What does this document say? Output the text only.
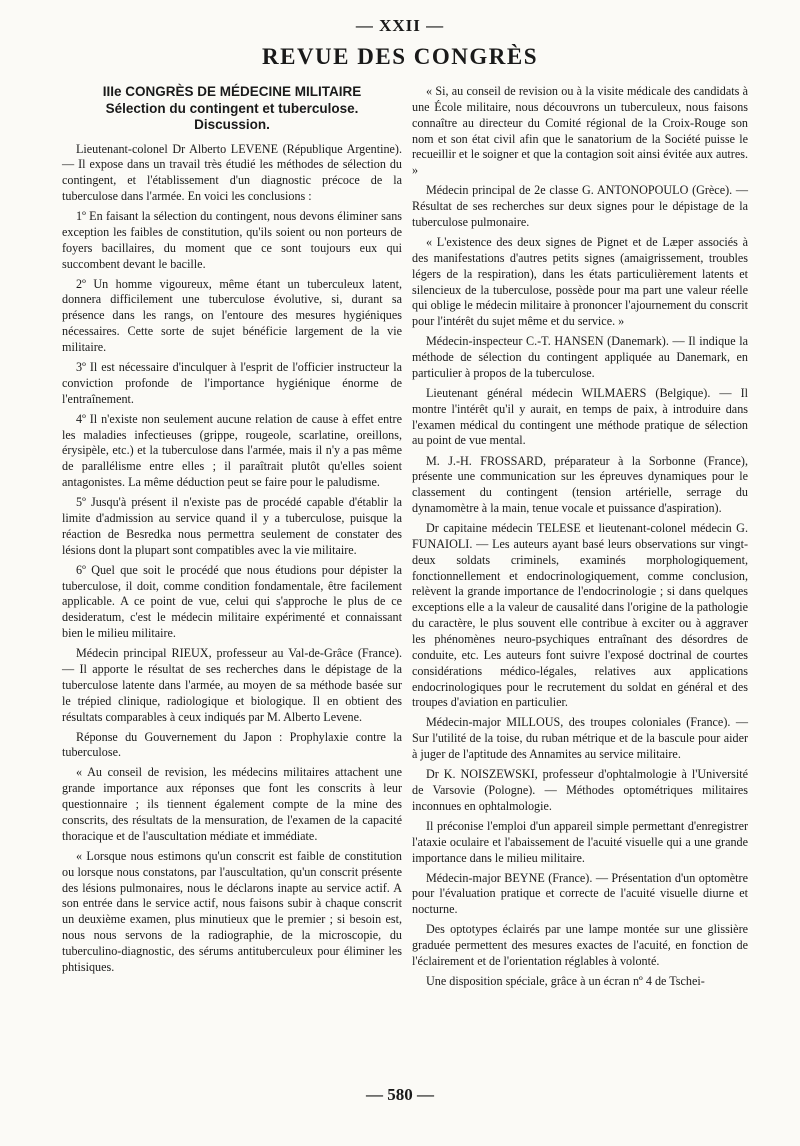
— XXII —
REVUE DES CONGRÈS
IIIe CONGRÈS DE MÉDECINE MILITAIRE
Sélection du contingent et tuberculose.
Discussion.

Lieutenant-colonel Dr Alberto LEVENE (République Argentine). — Il expose dans un travail très étudié les méthodes de sélection du contingent, et l'établissement d'un diagnostic précoce de la tuberculose dans l'armée. En voici les conclusions :

1º En faisant la sélection du contingent, nous devons éliminer sans exception les faibles de constitution, qu'ils soient ou non porteurs de foyers bacillaires, du moment que ce sont toujours eux qui succombent devant le bacille.

2º Un homme vigoureux, même étant un tuberculeux latent, donnera difficilement une tuberculose évolutive, si, durant sa présence dans les rangs, on l'entoure des mesures hygiéniques nécessaires. Cette sorte de sujet bénéficie largement de la vie militaire.

3º Il est nécessaire d'inculquer à l'esprit de l'officier instructeur la conviction profonde de l'importance hygiénique énorme de l'entraînement.

4º Il n'existe non seulement aucune relation de cause à effet entre les maladies infectieuses (grippe, rougeole, scarlatine, oreillons, érysipèle, etc.) et la tuberculose dans l'armée, mais il n'y a pas même de parallélisme entre elles ; il paraîtrait plutôt qu'elles soient antagonistes. La même déduction peut se faire pour le paludisme.

5º Jusqu'à présent il n'existe pas de procédé capable d'établir la limite d'admission au service quand il y a tuberculose, puisque la réaction de Besredka nous permettra seulement de constater des lésions dont la plupart sont compatibles avec la vie militaire.

6º Quel que soit le procédé que nous étudions pour dépister la tuberculose, il doit, comme condition fondamentale, être facilement applicable. A ce point de vue, celui qui s'approche le plus de ce desideratum, c'est le médecin militaire expérimenté et connaissant bien le milieu militaire.

Médecin principal RIEUX, professeur au Val-de-Grâce (France). — Il apporte le résultat de ses recherches dans le dépistage de la tuberculose latente dans l'armée, au moyen de sa méthode basée sur le trépied clinique, radiologique et biologique. Il en obtient des résultats comparables à ceux indiqués par M. Alberto Levene.

Réponse du Gouvernement du Japon : Prophylaxie contre la tuberculose.

« Au conseil de revision, les médecins militaires attachent une grande importance aux réponses que font les conscrits à leur questionnaire ; ils tiennent également compte de la mine des conscrits, des résultats de la mensuration, de l'examen de la capacité thoracique et de l'auscultation médiate et immédiate.

« Lorsque nous estimons qu'un conscrit est faible de constitution ou lorsque nous constatons, par l'auscultation, qu'un conscrit présente des lésions pulmonaires, nous le déclarons inapte au service actif. A son entrée dans le service actif, nous faisons subir à chaque conscrit un deuxième examen, plus minutieux que le premier ; si besoin est, nous nous servons de la radiographie, de la microscopie, du tuberculino-diagnostic, des sérums antituberculeux pour éliminer les phtisiques.

« Si, au conseil de revision ou à la visite médicale des candidats à une École militaire, nous découvrons un tuberculeux, nous faisons connaître au directeur du Comité régional de la Croix-Rouge son nom et son état civil afin que le sanatorium de la Société puisse le recueillir et le soigner et que la contagion soit ainsi évitée aux autres. »

Médecin principal de 2e classe G. ANTONOPOULO (Grèce). — Résultat de ses recherches sur deux signes pour le dépistage de la tuberculose pulmonaire.

« L'existence des deux signes de Pignet et de Læper associés à des manifestations d'autres petits signes (amaigrissement, troubles légers de la respiration), dans les états particulièrement latents et silencieux de la tuberculose, possède pour ma part une valeur réelle qui oblige le médecin militaire à prononcer l'ajournement du conscrit pour l'intérêt du sujet même et du service. »

Médecin-inspecteur C.-T. HANSEN (Danemark). — Il indique la méthode de sélection du contingent appliquée au Danemark, en particulier à propos de la tuberculose.

Lieutenant général médecin WILMAERS (Belgique). — Il montre l'intérêt qu'il y aurait, en temps de paix, à introduire dans l'examen médical du contingent une méthode pratique de sélection au point de vue mental.

M. J.-H. FROSSARD, préparateur à la Sorbonne (France), présente une communication sur les épreuves dynamiques pour le classement du contingent (tension artérielle, serrage du dynamomètre à la main, tenue vocale et puissance d'aspiration).

Dr capitaine médecin TELESE et lieutenant-colonel médecin G. FUNAIOLI. — Les auteurs ayant basé leurs observations sur vingt-deux soldats criminels, examinés morphologiquement, fonctionnellement et endocrinologiquement, comme conclusion, relèvent la grande importance de l'endocrinologie ; si dans quelques exceptions elle a la valeur de causalité dans l'origine de la pathologie du caractère, le plus souvent elle contribue à exciter ou à aggraver les phénomènes neuro-psychiques entraînant des désordres de conduite, etc. Les auteurs font suivre l'exposé doctrinal de courtes considérations médico-légales, relatives aux applications endocrinologiques pour le recrutement du soldat en général et des troupes d'aviation en particulier.

Médecin-major MILLOUS, des troupes coloniales (France). — Sur l'utilité de la toise, du ruban métrique et de la bascule pour aider à juger de l'aptitude des Annamites au service militaire.

Dr K. NOISZEWSKI, professeur d'ophtalmologie à l'Université de Varsovie (Pologne). — Méthodes optométriques militaires inconnues en ophtalmologie.

Il préconise l'emploi d'un appareil simple permettant d'enregistrer l'ataxie oculaire et l'abaissement de l'acuité visuelle qui a une grande importance dans le milieu militaire.

Médecin-major BEYNE (France). — Présentation d'un optomètre pour l'évaluation pratique et correcte de l'acuité visuelle diurne et nocturne.

Des optotypes éclairés par une lampe montée sur une glissière graduée permettent des mesures exactes de l'acuité, en fonction de l'éclairement et de l'orientation réglables à volonté.

Une disposition spéciale, grâce à un écran nº 4 de Tschei-

— 580 —
